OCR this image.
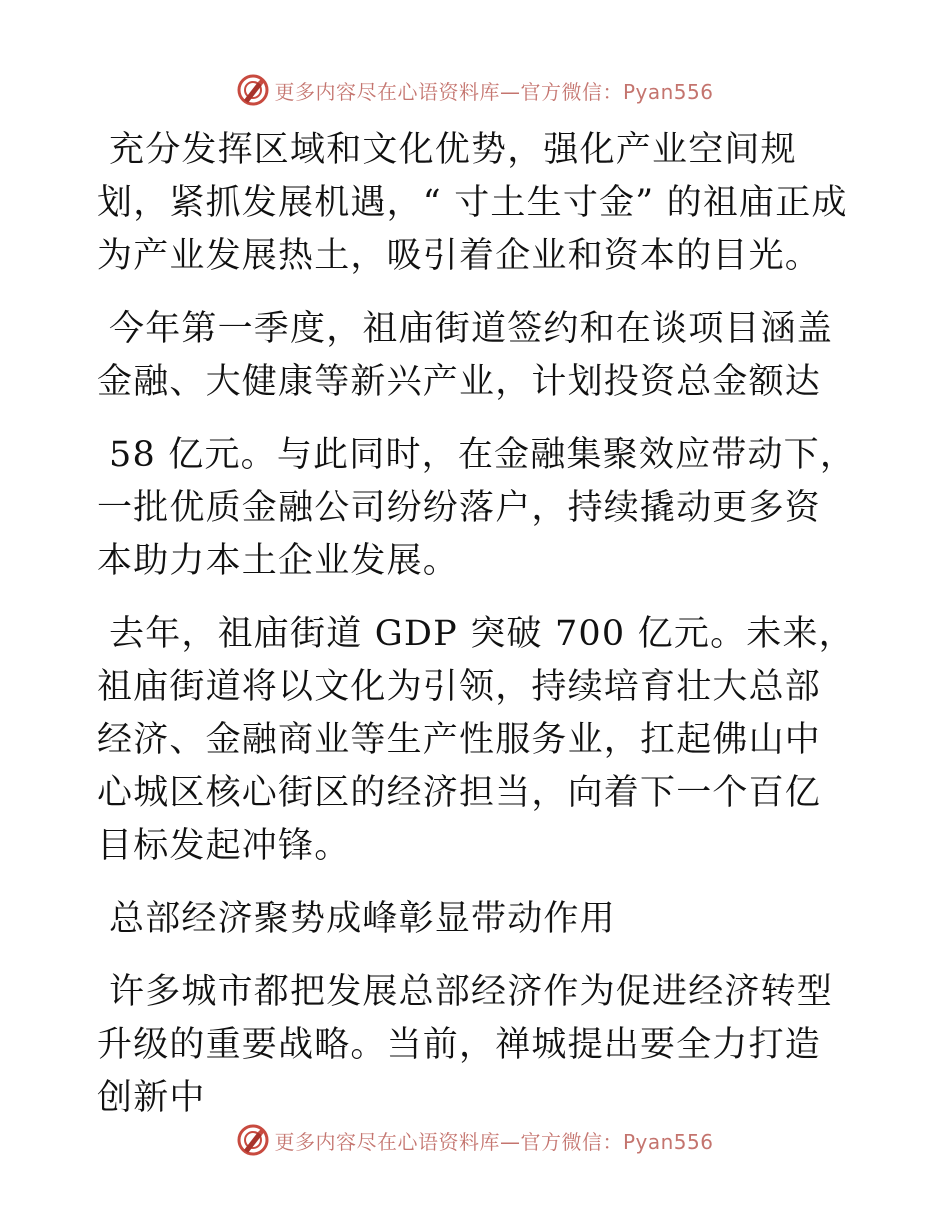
更多内容尽在心语资料库—官方微信：Pyan556

充分发挥区域和文化优势，强化产业空间规划，紧抓发展机遇，“ 寸土生寸金” 的祖庙正成为产业发展热土，吸引着企业和资本的目光。

今年第一季度，祖庙街道签约和在谈项目涵盖金融、大健康等新兴产业，计划投资总金额达

58 亿元。与此同时，在金融集聚效应带动下，一批优质金融公司纷纷落户，持续撬动更多资本助力本土企业发展。

去年，祖庙街道 GDP 突破 700 亿元。未来，祖庙街道将以文化为引领，持续培育壮大总部经济、金融商业等生产性服务业，扛起佛山中心城区核心街区的经济担当，向着下一个百亿目标发起冲锋。

总部经济聚势成峰彰显带动作用

许多城市都把发展总部经济作为促进经济转型升级的重要战略。当前，禅城提出要全力打造创新中

更多内容尽在心语资料库—官方微信：Pyan556
